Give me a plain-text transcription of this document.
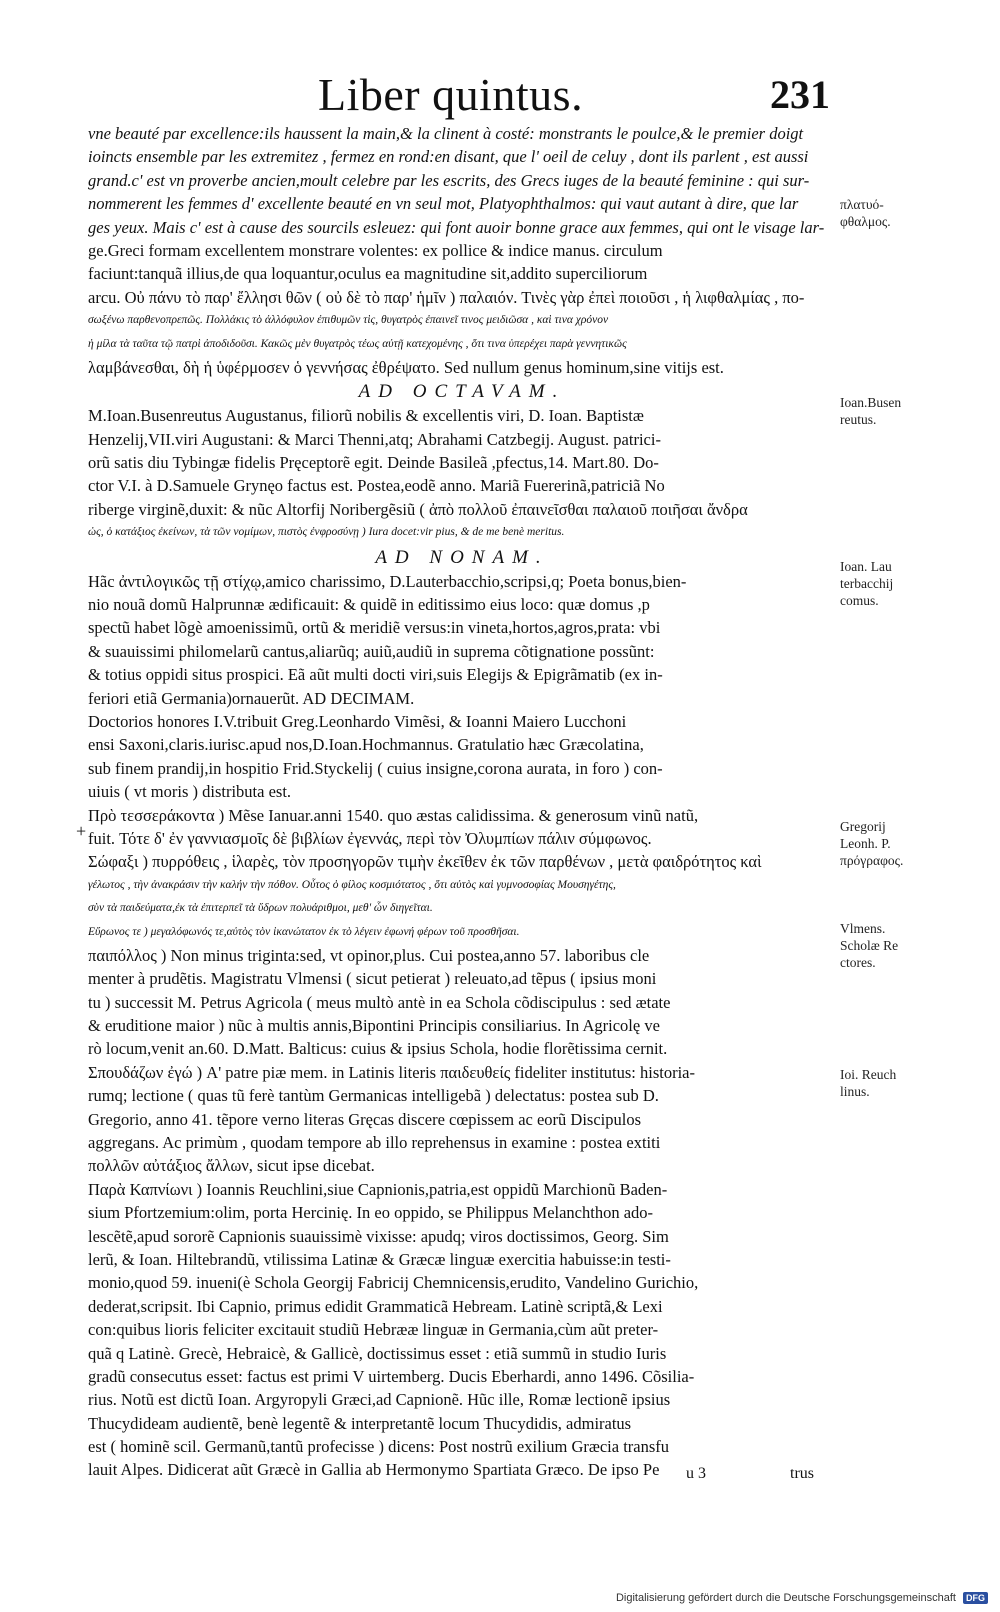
Liber quintus.	231
vne beauté par excellence:ils haussent la main,& la clinent à costé: monstrants le poulce,& le premier doigt
ioincts ensemble par les extremitez , fermez en rond:en disant, que l' oeil de celuy , dont ils parlent , est aussi
grand.c' est vn proverbe ancien,moult celebre par les escrits, des Grecs iuges de la beauté feminine : qui sur-
nommerent les femmes d' excellente beauté en vn seul mot, Platyophthalmos: qui vaut autant à dire, que lar
ges yeux. Mais c' est à cause des sourcils esleuez: qui font auoir bonne grace aux femmes, qui ont le visage lar-
ge.Greci formam excellentem monstrare volentes: ex pollice & indice manus. circulum
faciunt:tanquã illius,de qua loquantur,oculus ea magnitudine sit,addito superciliorum
arcu. Οὐ πάνυ τὸ παρ' ἔλλησι θῶν ( οὐ δὲ τὸ παρ' ἡμῖν ) παλαιόν. Τινὲς γὰρ ἐπεὶ ποιοῦσι , ἡ λιφθαλμίας , πο-
σωξένω παρθενοπρεπῶς. Πολλάκις τὸ ἀλλόφυλον ἐπιθυμῶν τὶς, θυγατρὸς ἐπαινεῖ τινος μειδιῶσα , καὶ τινα χρόνον
ἡ μίλα τὰ ταῦτα τῷ πατρὶ ἀποδιδοῦσι. Κακῶς μὲν θυγατρὸς τέως αὐτῇ κατεχομένης , ὅτι τινα ὑπερέχει παρὰ γεννητικῶς
λαμβάνεσθαι, δὴ ἡ ὑφέρμοσεν ὁ γεννήσας ἐθρέψατο. Sed nullum genus hominum,sine vitijs est.
AD OCTAVAM.
M.Ioan.Busenreutus Augustanus, filiorũ nobilis & excellentis viri, D. Ioan. Baptistæ
Henzelij,VII.viri Augustani: & Marci Thenni,atq; Abrahami Catzbegij. August. patrici-
orũ satis diu Tybingæ fidelis Pręceptorẽ egit. Deinde Basileã ,pfectus,14. Mart.80. Do-
ctor V.I. à D.Samuele Grynęo factus est. Postea,eodẽ anno. Mariã Fuererinã,patriciã No
riberge virginẽ,duxit: & nũc Altorfij Noribergẽsiũ ( ἀπὸ πολλοῦ ἐπαινεῖσθαι παλαιοῦ ποιῆσαι ἄνδρα
ὡς, ὁ κατάξιος ἐκείνων, τὰ τῶν νομίμων, πιστὸς ἐνφροσύνῃ ) Iura docet:vir pius, & de me benè meritus.
AD NONAM.
Hãc ἀντιλογικῶς τῇ στίχῳ,amico charissimo, D.Lauterbacchio,scripsi,q; Poeta bonus,bien-
nio nouã domũ Halprunnæ ædificauit: & quidẽ in editissimo eius loco: quæ domus ,p
spectũ habet lõgè amoenissimũ, ortũ & meridiẽ versus:in vineta,hortos,agros,prata: vbi
& suauissimi philomelarũ cantus,aliarũq; auiũ,audiũ in suprema cõtignatione possũnt:
& totius oppidi situs prospici. Eã aũt multi docti viri,suis Elegijs & Epigrãmatib (ex in-
feriori etiã Germania)ornauerũt. AD DECIMAM.
Doctorios honores I.V.tribuit Greg.Leonhardo Vimẽsi, & Ioanni Maiero Lucchoni
ensi Saxoni,claris.iurisc.apud nos,D.Ioan.Hochmannus. Gratulatio hæc Græcolatina,
sub finem prandij,in hospitio Frid.Styckelij ( cuius insigne,corona aurata, in foro ) con-
uiuis ( vt moris ) distributa est.
Πρὸ τεσσεράκοντα ) Mẽse Ianuar.anni 1540. quo æstas calidissima. & generosum vinũ natũ,
fuit. Τότε δ' ἐν γαννιασμοῖς δὲ βιβλίων ἐγεννάς, περὶ τὸν Ὀλυμπίων πάλιν σύμφωνος.
Σώφαξι ) πυρρόθεις , ἱλαρὲς, τὸν προσηγορῶν τιμὴν ἐκεῖθεν ἐκ τῶν παρθένων , μετὰ φαιδρότητος καὶ
γέλωτος , τὴν ἀνακράσιν τὴν καλήν τὴν πόθον. Οὗτος ὁ φίλος κοσμιότατος , ὅτι αὐτὸς καὶ γυμνοσοφίας Μουσηγέτης,
σὺν τὰ παιδεύματα,ἐκ τὰ ἐπιτερπεῖ τὰ ὕδρων πολυάριθμοι, μεθ' ὧν διηγεῖται.
Εὔρωνος τε ) μεγαλόφωνός τε,αὐτὸς τὸν ἱκανώτατον ἐκ τὸ λέγειν ἐφωνή φέρων τοῦ προσθῆσαι.
παιπόλλος ) Non minus triginta:sed, vt opinor,plus. Cui postea,anno 57. laboribus cle
menter à prudẽtis. Magistratu Vlmensi ( sicut petierat ) releuato,ad tẽpus ( ipsius moni
tu ) successit M. Petrus Agricola ( meus multò antè in ea Schola cõdiscipulus : sed ætate
& eruditione maior ) nũc à multis annis,Bipontini Principis consiliarius. In Agricolę ve
rò locum,venit an.60. D.Matt. Balticus: cuius & ipsius Schola, hodie florẽtissima cernit.
Σπουδάζων ἐγώ ) A' patre piæ mem. in Latinis literis παιδευθείς fideliter institutus: historia-
rumq; lectione ( quas tũ ferè tantùm Germanicas intelligebã ) delectatus: postea sub D.
Gregorio, anno 41. tẽpore verno literas Gręcas discere cœpissem ac eorũ Discipulos
aggregans. Ac primùm , quodam tempore ab illo reprehensus in examine : postea extiti
πολλῶν αὐτάξιος ἄλλων, sicut ipse dicebat.
Παρὰ Καπνίωνι ) Ioannis Reuchlini,siue Capnionis,patria,est oppidũ Marchionũ Baden-
sium Pfortzemium:olim, porta Hercinię. In eo oppido, se Philippus Melanchthon ado-
lescẽtẽ,apud sororẽ Capnionis suauissimè vixisse: apudq; viros doctissimos, Georg. Sim
lerũ, & Ioan. Hiltebrandũ, vtilissima Latinæ & Græcæ linguæ exercitia habuisse:in testi-
monio,quod 59. inueni(è Schola Georgij Fabricij Chemnicensis,erudito, Vandelino Gurichio,
dederat,scripsit. Ibi Capnio, primus edidit Grammaticã Hebream. Latinè scriptã,& Lexi
con:quibus lioris feliciter excitauit studiũ Hebrææ linguæ in Germania,cùm aũt preter-
quã q Latinè. Grecè, Hebraicè, & Gallicè, doctissimus esset : etiã summũ in studio Iuris
gradũ consecutus esset: factus est primi V uirtemberg. Ducis Eberhardi, anno 1496. Cõsilia-
rius. Notũ est dictũ Ioan. Argyropyli Græci,ad Capnionẽ. Hũc ille, Romæ lectionẽ ipsius
Thucydideam audientẽ, benè legentẽ & interpretantẽ locum Thucydidis, admiratus
est ( hominẽ scil. Germanũ,tantũ profecisse ) dicens: Post nostrũ exilium Græcia transfu
lauit Alpes. Didicerat aũt Græcè in Gallia ab Hermonymo Spartiata Græco. De ipso Pe
πλατυό-
φθαλμος.
Ioan.Busen
reutus.
Ioan. Lau
terbacchij
comus.
Gregorij
Leonh. P.
πρόγραφος.
Vlmens.
Scholæ Re
ctores.
Ioi. Reuch
linus.
+
u 3	trus
Digitalisierung gefördert durch die Deutsche Forschungsgemeinschaft DFG
